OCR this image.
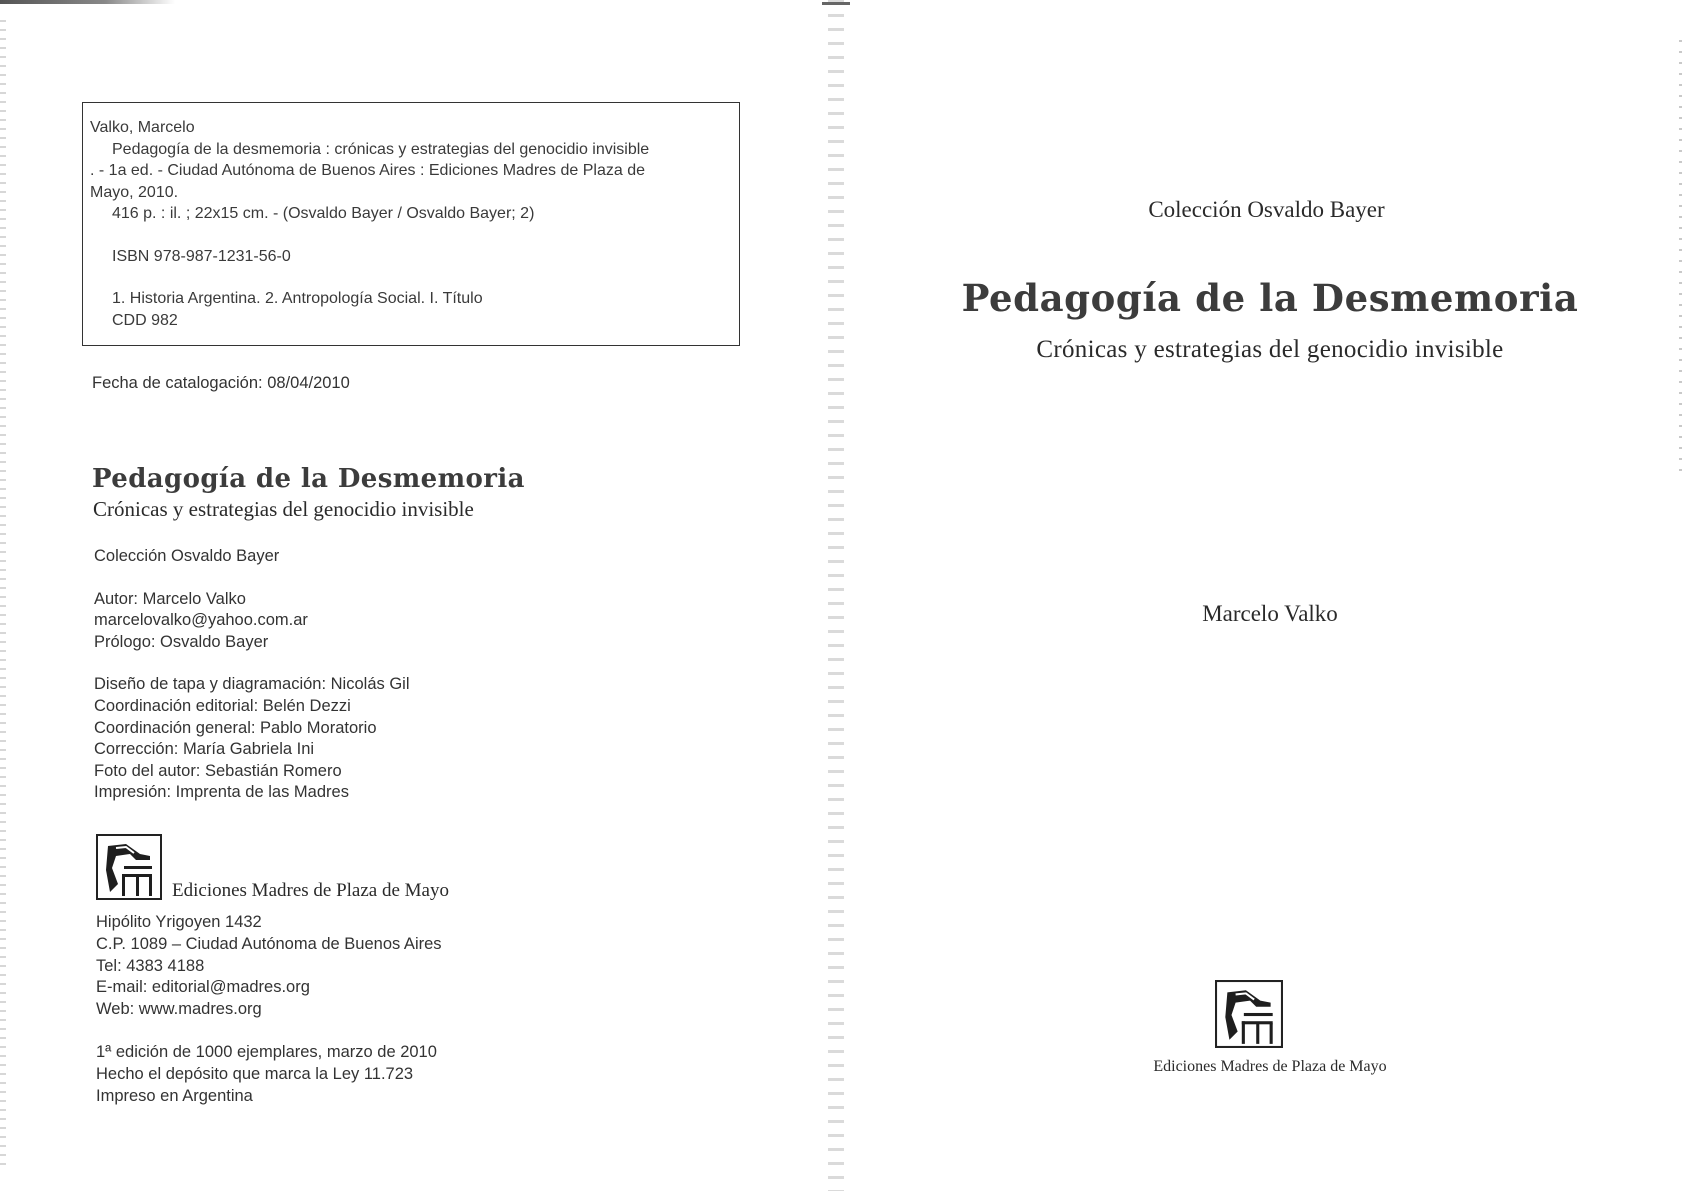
Valko, Marcelo
Pedagogía de la desmemoria : crónicas y estrategias del genocidio invisible
. - 1a ed. - Ciudad Autónoma de Buenos Aires : Ediciones Madres de Plaza de
Mayo, 2010.
416 p. : il. ; 22x15 cm. - (Osvaldo Bayer / Osvaldo Bayer; 2)
ISBN 978-987-1231-56-0
1. Historia Argentina. 2. Antropología Social. I. Título
CDD 982
Fecha de catalogación: 08/04/2010
Pedagogía de la Desmemoria
Crónicas y estrategias del genocidio invisible
Colección Osvaldo Bayer
Autor: Marcelo Valko
marcelovalko@yahoo.com.ar
Prólogo: Osvaldo Bayer
Diseño de tapa y diagramación: Nicolás Gil
Coordinación editorial: Belén Dezzi
Coordinación general: Pablo Moratorio
Corrección: María Gabriela Ini
Foto del autor: Sebastián Romero
Impresión: Imprenta de las Madres
Ediciones Madres de Plaza de Mayo
Hipólito Yrigoyen 1432
C.P. 1089 – Ciudad Autónoma de Buenos Aires
Tel: 4383 4188
E-mail: editorial@madres.org
Web: www.madres.org
1ª edición de 1000 ejemplares, marzo de 2010
Hecho el depósito que marca la Ley 11.723
Impreso en Argentina
Colección Osvaldo Bayer
Pedagogía de la Desmemoria
Crónicas y estrategias del genocidio invisible
Marcelo Valko
Ediciones Madres de Plaza de Mayo
